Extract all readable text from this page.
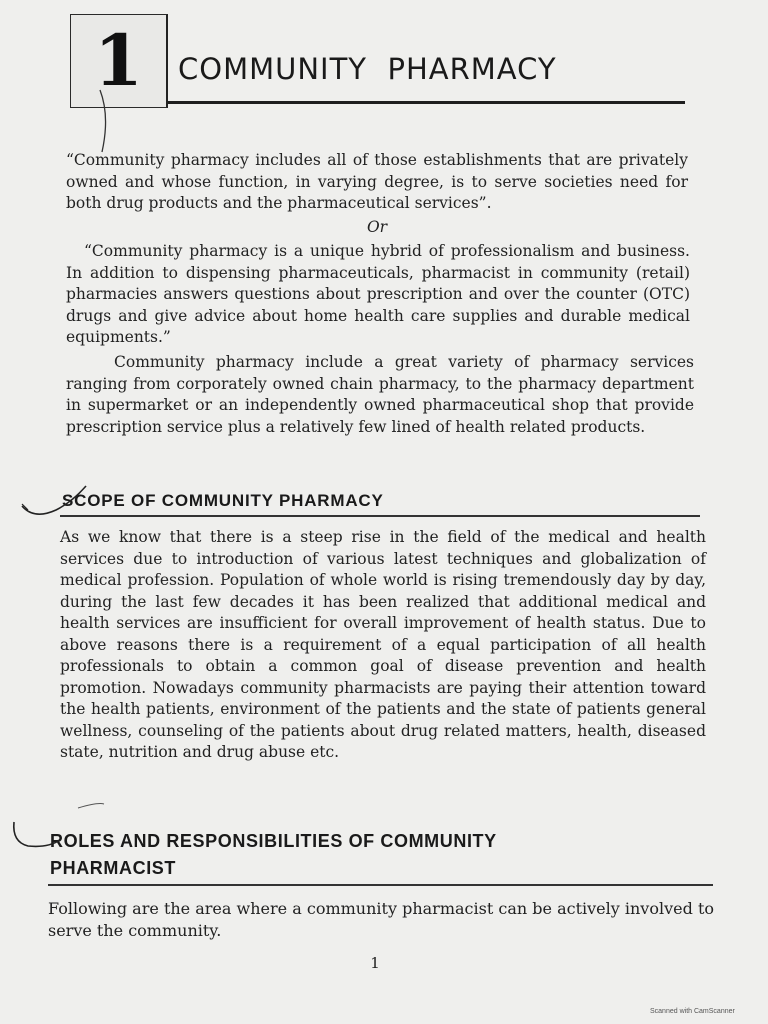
1	COMMUNITY  PHARMACY

“Community pharmacy includes all of those establishments that are privately owned and whose function, in varying degree, is to serve societies need for both drug products and the pharmaceutical services”.

Or

“Community pharmacy is a unique hybrid of professionalism and business. In addition to dispensing pharmaceuticals, pharmacist in community (retail) pharmacies answers questions about prescription and over the counter (OTC) drugs and give advice about home health care supplies and durable medical equipments.”

Community pharmacy include a great variety of pharmacy services ranging from corporately owned chain pharmacy, to the pharmacy department in supermarket or an independently owned pharmaceutical shop that provide prescription service plus a relatively few lined of health related products.

SCOPE OF COMMUNITY PHARMACY

As we know that there is a steep rise in the field of the medical and health services due to introduction of various latest techniques and globalization of medical profession. Population of whole world is rising tremendously day by day, during the last few decades it has been realized that additional medical and health services are insufficient for overall improvement of health status. Due to above reasons there is a requirement of a equal participation of all health professionals to obtain a common goal of disease prevention and health promotion. Nowadays community pharmacists are paying their attention toward the health patients, environment of the patients and the state of patients general wellness, counseling of the patients about drug related matters, health, diseased state, nutrition and drug abuse etc.

ROLES AND RESPONSIBILITIES OF COMMUNITY
PHARMACIST

Following are the area where a community pharmacist can be actively involved to serve the community.

1
Scanned with CamScanner
